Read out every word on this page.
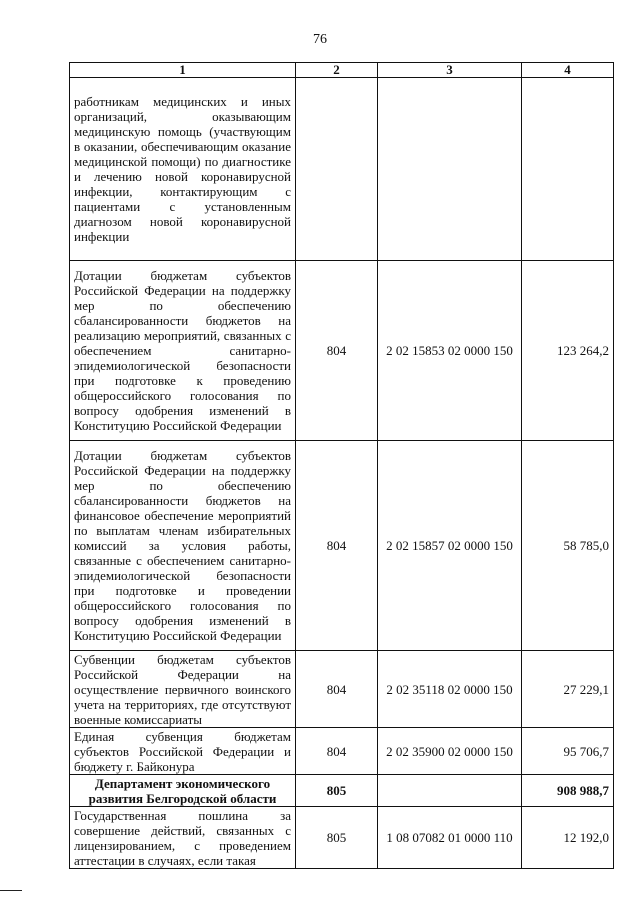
76
1	2	3	4
работникам медицинских и иных организаций, оказывающим медицинскую помощь (участвующим в оказании, обеспечивающим оказание медицинской помощи) по диагностике и лечению новой коронавирусной инфекции, контактирующим с пациентами с установленным диагнозом новой коронавирусной инфекции			
Дотации бюджетам субъектов Российской Федерации на поддержку мер по обеспечению сбалансированности бюджетов на реализацию мероприятий, связанных с обеспечением санитарно-эпидемиологической безопасности при подготовке к проведению общероссийского голосования по вопросу одобрения изменений в Конституцию Российской Федерации	804	2 02 15853 02 0000 150	123 264,2
Дотации бюджетам субъектов Российской Федерации на поддержку мер по обеспечению сбалансированности бюджетов на финансовое обеспечение мероприятий по выплатам членам избирательных комиссий за условия работы, связанные с обеспечением санитарно-эпидемиологической безопасности при подготовке и проведении общероссийского голосования по вопросу одобрения изменений в Конституцию Российской Федерации	804	2 02 15857 02 0000 150	58 785,0
Субвенции бюджетам субъектов Российской Федерации на осуществление первичного воинского учета на территориях, где отсутствуют военные комиссариаты	804	2 02 35118 02 0000 150	27 229,1
Единая субвенция бюджетам субъектов Российской Федерации и бюджету г. Байконура	804	2 02 35900 02 0000 150	95 706,7
Департамент экономического развития Белгородской области	805		908 988,7
Государственная пошлина за совершение действий, связанных с лицензированием, с проведением аттестации в случаях, если такая	805	1 08 07082 01 0000 110	12 192,0
